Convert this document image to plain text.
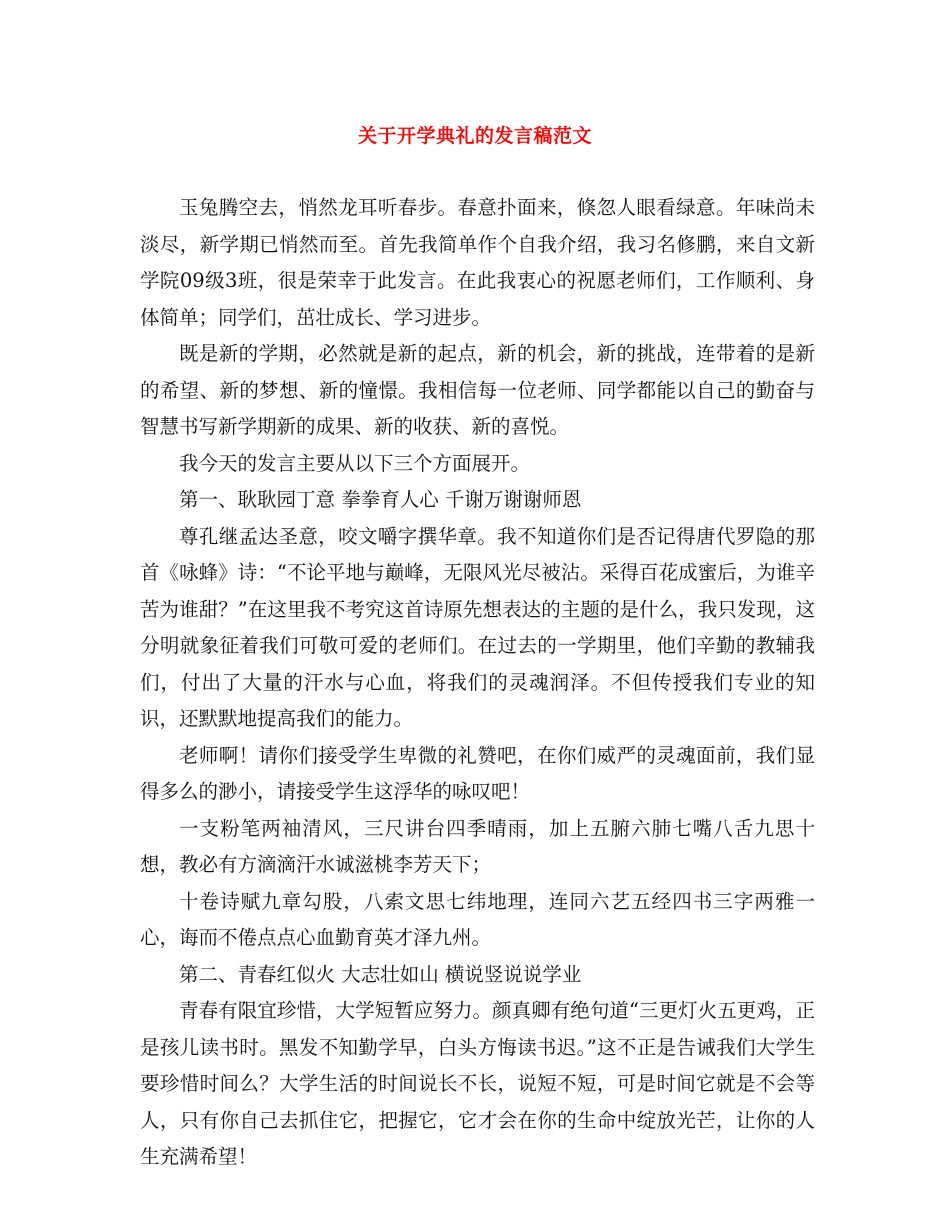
关于开学典礼的发言稿范文

玉兔腾空去，悄然龙耳听春步。春意扑面来，倏忽人眼看绿意。年味尚未淡尽，新学期已悄然而至。首先我简单作个自我介绍，我习名修鹏，来自文新学院09级3班，很是荣幸于此发言。在此我衷心的祝愿老师们，工作顺利、身体简单；同学们，茁壮成长、学习进步。

既是新的学期，必然就是新的起点，新的机会，新的挑战，连带着的是新的希望、新的梦想、新的憧憬。我相信每一位老师、同学都能以自己的勤奋与智慧书写新学期新的成果、新的收获、新的喜悦。

我今天的发言主要从以下三个方面展开。

第一、耿耿园丁意 拳拳育人心 千谢万谢谢师恩

尊孔继孟达圣意，咬文嚼字撰华章。我不知道你们是否记得唐代罗隐的那首《咏蜂》诗：“不论平地与巅峰，无限风光尽被沾。采得百花成蜜后，为谁辛苦为谁甜？”在这里我不考究这首诗原先想表达的主题的是什么，我只发现，这分明就象征着我们可敬可爱的老师们。在过去的一学期里，他们辛勤的教辅我们，付出了大量的汗水与心血，将我们的灵魂润泽。不但传授我们专业的知识，还默默地提高我们的能力。

老师啊！请你们接受学生卑微的礼赞吧，在你们威严的灵魂面前，我们显得多么的渺小，请接受学生这浮华的咏叹吧！

一支粉笔两袖清风，三尺讲台四季晴雨，加上五腑六肺七嘴八舌九思十想，教必有方滴滴汗水诚滋桃李芳天下；

十卷诗赋九章勾股，八索文思七纬地理，连同六艺五经四书三字两雅一心，诲而不倦点点心血勤育英才泽九州。

第二、青春红似火 大志壮如山 横说竖说说学业

青春有限宜珍惜，大学短暂应努力。颜真卿有绝句道“三更灯火五更鸡，正是孩儿读书时。黑发不知勤学早，白头方悔读书迟。”这不正是告诫我们大学生要珍惜时间么？大学生活的时间说长不长，说短不短，可是时间它就是不会等人，只有你自己去抓住它，把握它，它才会在你的生命中绽放光芒，让你的人生充满希望！
